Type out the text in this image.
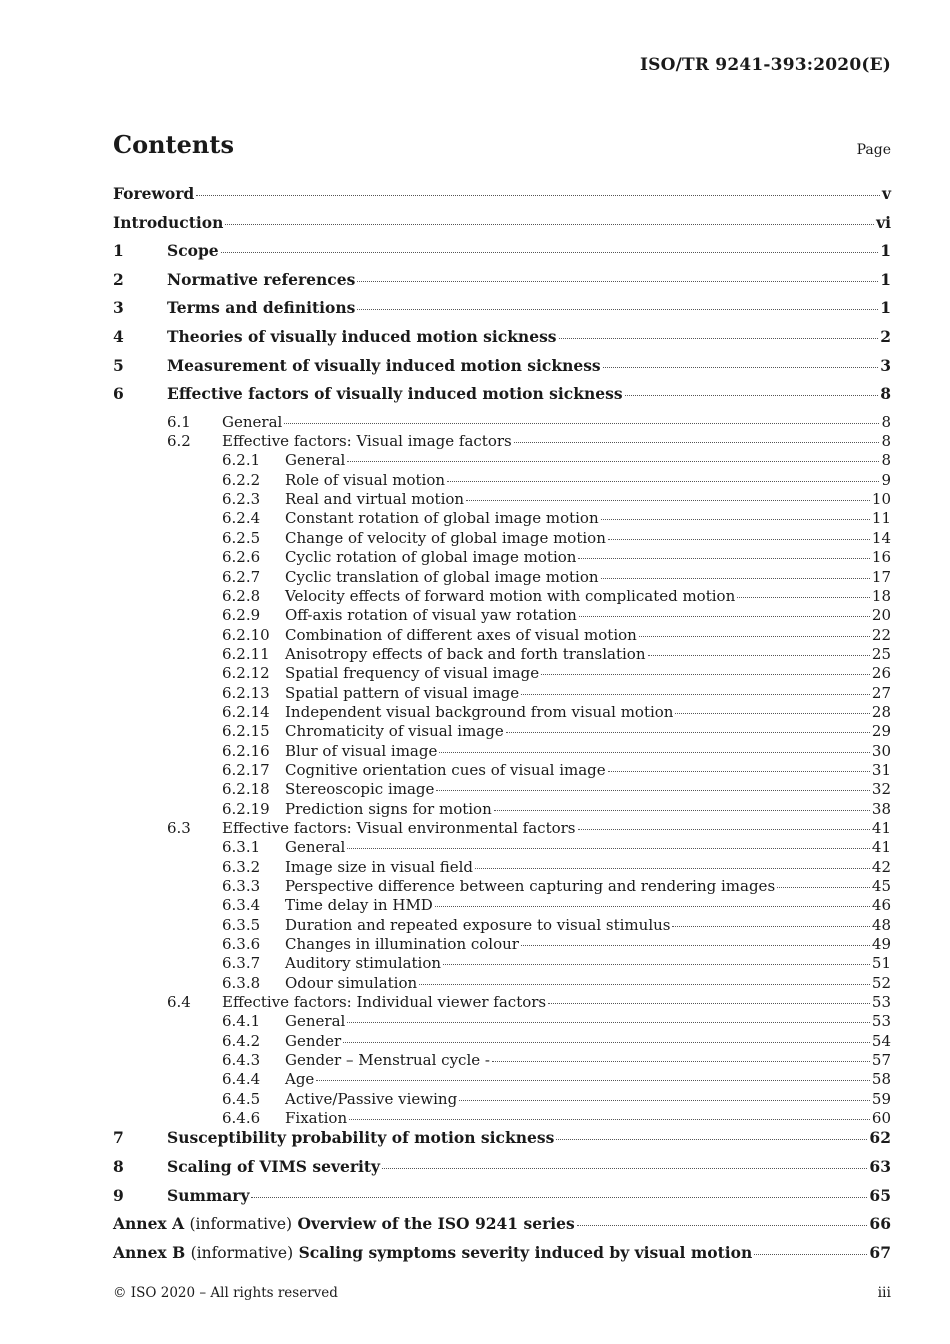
ISO/TR 9241-393:2020(E)
Contents	Page
Foreword	v
Introduction	vi
1	Scope	1
2	Normative references	1
3	Terms and definitions	1
4	Theories of visually induced motion sickness	2
5	Measurement of visually induced motion sickness	3
6	Effective factors of visually induced motion sickness	8
6.1	General	8
6.2	Effective factors: Visual image factors	8
6.2.1	General	8
6.2.2	Role of visual motion	9
6.2.3	Real and virtual motion	10
6.2.4	Constant rotation of global image motion	11
6.2.5	Change of velocity of global image motion	14
6.2.6	Cyclic rotation of global image motion	16
6.2.7	Cyclic translation of global image motion	17
6.2.8	Velocity effects of forward motion with complicated motion	18
6.2.9	Off-axis rotation of visual yaw rotation	20
6.2.10	Combination of different axes of visual motion	22
6.2.11	Anisotropy effects of back and forth translation	25
6.2.12	Spatial frequency of visual image	26
6.2.13	Spatial pattern of visual image	27
6.2.14	Independent visual background from visual motion	28
6.2.15	Chromaticity of visual image	29
6.2.16	Blur of visual image	30
6.2.17	Cognitive orientation cues of visual image	31
6.2.18	Stereoscopic image	32
6.2.19	Prediction signs for motion	38
6.3	Effective factors: Visual environmental factors	41
6.3.1	General	41
6.3.2	Image size in visual field	42
6.3.3	Perspective difference between capturing and rendering images	45
6.3.4	Time delay in HMD	46
6.3.5	Duration and repeated exposure to visual stimulus	48
6.3.6	Changes in illumination colour	49
6.3.7	Auditory stimulation	51
6.3.8	Odour simulation	52
6.4	Effective factors: Individual viewer factors	53
6.4.1	General	53
6.4.2	Gender	54
6.4.3	Gender – Menstrual cycle -	57
6.4.4	Age	58
6.4.5	Active/Passive viewing	59
6.4.6	Fixation	60
7	Susceptibility probability of motion sickness	62
8	Scaling of VIMS severity	63
9	Summary	65
Annex A (informative) Overview of the ISO 9241 series	66
Annex B (informative) Scaling symptoms severity induced by visual motion	67
© ISO 2020 – All rights reserved	iii
